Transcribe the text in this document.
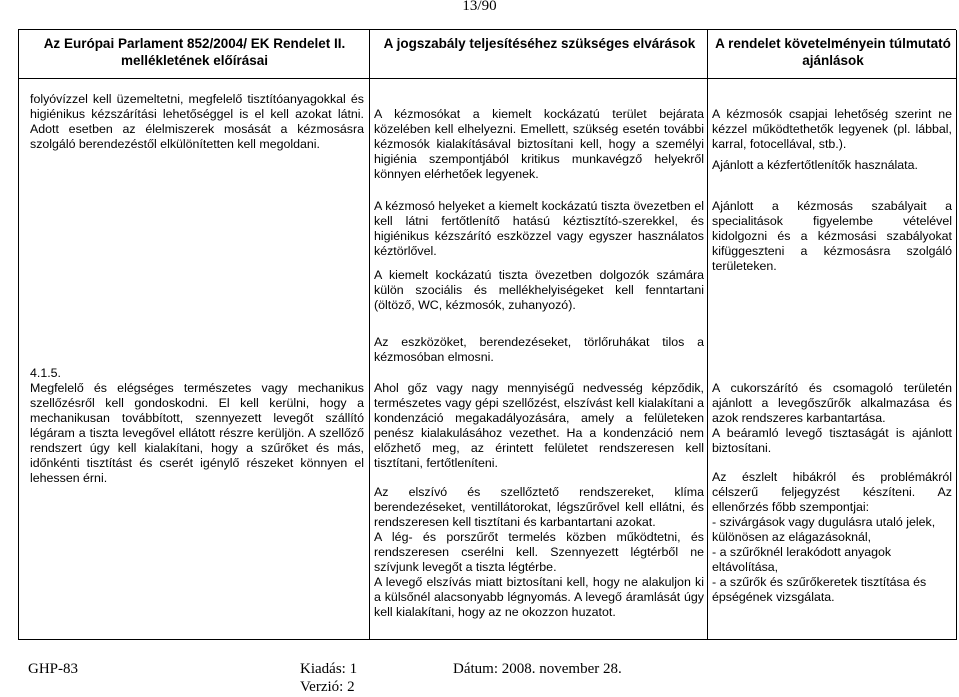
13/90
Az Európai Parlament 852/2004/ EK Rendelet II. mellékletének előírásai
A jogszabály teljesítéséhez szükséges elvárások	A rendelet követelményein túlmutató ajánlások

folyóvízzel kell üzemeltetni, megfelelő tisztítóanyagokkal és higiénikus kézszárítási lehetőséggel is el kell azokat látni. Adott esetben az élelmiszerek mosását a kézmosásra szolgáló berendezéstől elkülönítetten kell megoldani.

A kézmosókat a kiemelt kockázatú terület bejárata közelében kell elhelyezni. Emellett, szükség esetén további kézmosók kialakításával biztosítani kell, hogy a személyi higiénia szempontjából kritikus munkavégző helyekről könnyen elérhetőek legyenek.

A kézmosók csapjai lehetőség szerint ne kézzel működtethetők legyenek (pl. lábbal, karral, fotocellával, stb.).

Ajánlott a kézfertőtlenítők használata.

A kézmosó helyeket a kiemelt kockázatú tiszta övezetben el kell látni fertőtlenítő hatású kéztisztító-szerekkel, és higiénikus kézszárító eszközzel vagy egyszer használatos kéztörlővel.

A kiemelt kockázatú tiszta övezetben dolgozók számára külön szociális és mellékhelyiségeket kell fenntartani (öltöző, WC, kézmosók, zuhanyozó).

Ajánlott a kézmosás szabályait a specialitások figyelembe vételével kidolgozni és a kézmosási szabályokat kifüggeszteni a kézmosásra szolgáló területeken.

Az eszközöket, berendezéseket, törlőruhákat tilos a kézmosóban elmosni.

4.1.5.

Megfelelő és elégséges természetes vagy mechanikus szellőzésről kell gondoskodni. El kell kerülni, hogy a mechanikusan továbbított, szennyezett levegőt szállító légáram a tiszta levegővel ellátott részre kerüljön. A szellőző rendszert úgy kell kialakítani, hogy a szűrőket és más, időnkénti tisztítást és cserét igénylő részeket könnyen el lehessen érni.

Ahol gőz vagy nagy mennyiségű nedvesség képződik, természetes vagy gépi szellőzést, elszívást kell kialakítani a kondenzáció megakadályozására, amely a felületeken penész kialakulásához vezethet. Ha a kondenzáció nem előzhető meg, az érintett felületet rendszeresen kell tisztítani, fertőtleníteni.

Az elszívó és szellőztető rendszereket, klíma berendezéseket, ventillátorokat, légszűrővel kell ellátni, és rendszeresen kell tisztítani és karbantartani azokat.

A lég- és porszűrőt termelés közben működtetni, és rendszeresen cserélni kell. Szennyezett légtérből ne szívjunk levegőt a tiszta légtérbe.

A levegő elszívás miatt biztosítani kell, hogy ne alakuljon ki a külsőnél alacsonyabb légnyomás. A levegő áramlását úgy kell kialakítani, hogy az ne okozzon huzatot.

A cukorszárító és csomagoló területén ajánlott a levegőszűrők alkalmazása és azok rendszeres karbantartása.

A beáramló levegő tisztaságát is ajánlott biztosítani.

Az észlelt hibákról és problémákról célszerű feljegyzést készíteni. Az ellenőrzés főbb szempontjai:

- szivárgások vagy dugulásra utaló jelek, különösen az elágazásoknál,

- a szűrőknél lerakódott anyagok eltávolítása,

- a szűrők és szűrőkeretek tisztítása és épségének vizsgálata.

GHP-83	Kiadás: 1
Verzió: 2
Dátum: 2008. november 28.
